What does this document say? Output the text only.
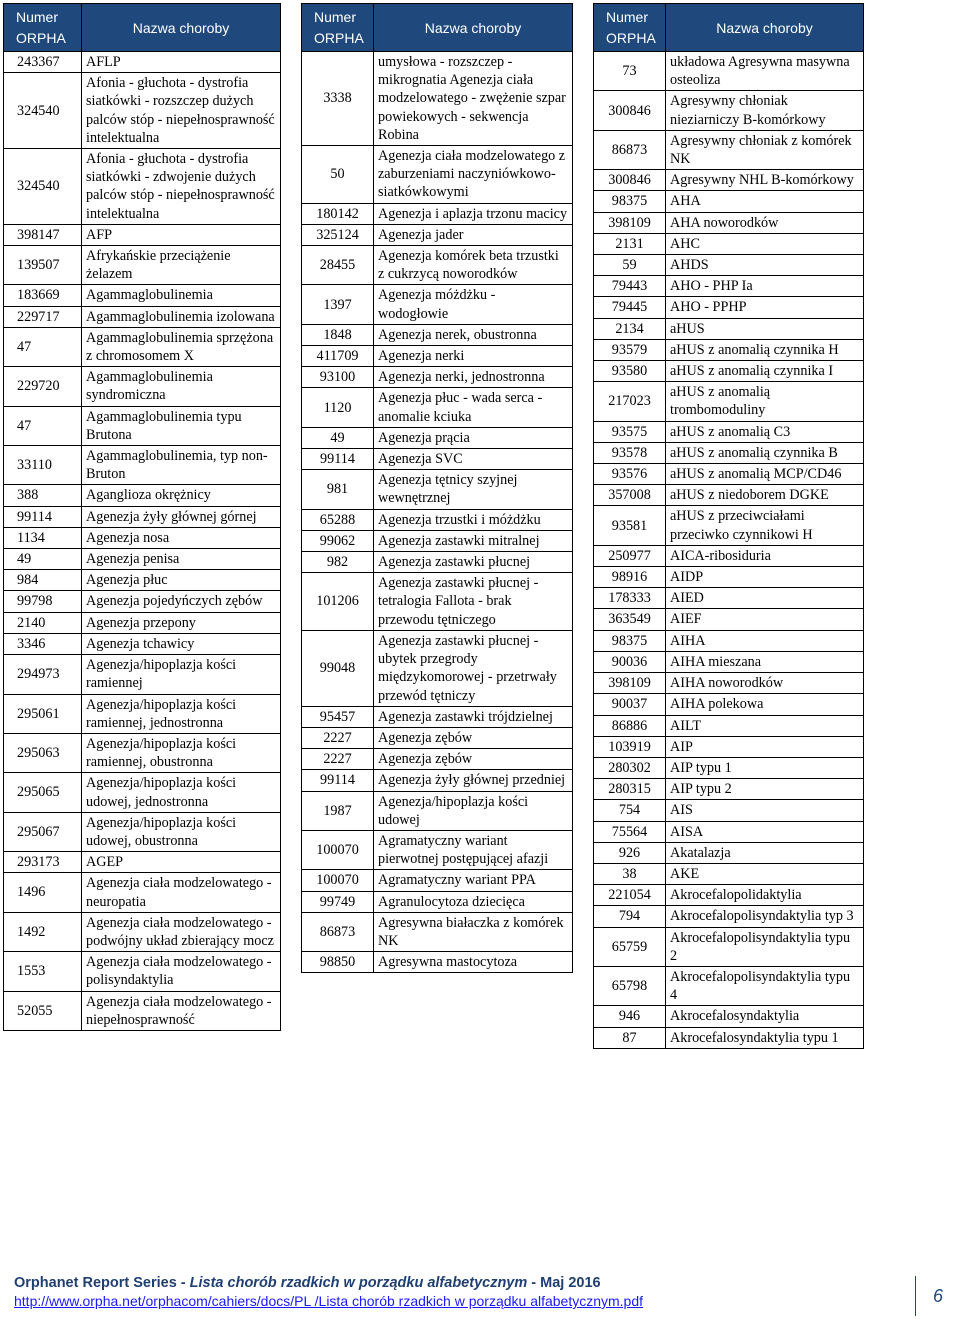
Numer ORPHA	Nazwa choroby
243367	AFLP
324540	Afonia - głuchota - dystrofia siatkówki - rozszczep dużych palców stóp - niepełnosprawność intelektualna
324540	Afonia - głuchota - dystrofia siatkówki - zdwojenie dużych palców stóp - niepełnosprawność intelektualna
398147	AFP
139507	Afrykańskie przeciążenie żelazem
183669	Agammaglobulinemia
229717	Agammaglobulinemia izolowana
47	Agammaglobulinemia sprzężona z chromosomem X
229720	Agammaglobulinemia syndromiczna
47	Agammaglobulinemia typu Brutona
33110	Agammaglobulinemia, typ non-Bruton
388	Aganglioza okrężnicy
99114	Agenezja żyły głównej górnej
1134	Agenezja nosa
49	Agenezja penisa
984	Agenezja płuc
99798	Agenezja pojedyńczych zębów
2140	Agenezja przepony
3346	Agenezja tchawicy
294973	Agenezja/hipoplazja kości ramiennej
295061	Agenezja/hipoplazja kości ramiennej, jednostronna
295063	Agenezja/hipoplazja kości ramiennej, obustronna
295065	Agenezja/hipoplazja kości udowej, jednostronna
295067	Agenezja/hipoplazja kości udowej, obustronna
293173	AGEP
1496	Agenezja ciała modzelowatego - neuropatia
1492	Agenezja ciała modzelowatego - podwójny układ zbierający mocz
1553	Agenezja ciała modzelowatego - polisyndaktylia
52055	Agenezja ciała modzelowatego - niepełnosprawność
Numer ORPHA	Nazwa choroby
3338	umysłowa - rozszczep - mikrognatia Agenezja ciała modzelowatego - zwężenie szpar powiekowych - sekwencja Robina
50	Agenezja ciała modzelowatego z zaburzeniami naczyniówkowo-siatkówkowymi
180142	Agenezja i aplazja trzonu macicy
325124	Agenezja jader
28455	Agenezja komórek beta trzustki z cukrzycą noworodków
1397	Agenezja móżdżku - wodogłowie
1848	Agenezja nerek, obustronna
411709	Agenezja nerki
93100	Agenezja nerki, jednostronna
1120	Agenezja płuc - wada serca - anomalie kciuka
49	Agenezja prącia
99114	Agenezja SVC
981	Agenezja tętnicy szyjnej wewnętrznej
65288	Agenezja trzustki i móżdżku
99062	Agenezja zastawki mitralnej
982	Agenezja zastawki płucnej
101206	Agenezja zastawki płucnej - tetralogia Fallota - brak przewodu tętniczego
99048	Agenezja zastawki płucnej - ubytek przegrody międzykomorowej - przetrwały przewód tętniczy
95457	Agenezja zastawki trójdzielnej
2227	Agenezja zębów
2227	Agenezja zębów
99114	Agenezja żyły głównej przedniej
1987	Agenezja/hipoplazja kości udowej
100070	Agramatyczny wariant pierwotnej postępującej afazji
100070	Agramatyczny wariant PPA
99749	Agranulocytoza dziecięca
86873	Agresywna białaczka z komórek NK
98850	Agresywna mastocytoza
Numer ORPHA	Nazwa choroby
73	układowa Agresywna masywna osteoliza
300846	Agresywny chłoniak nieziarniczy B-komórkowy
86873	Agresywny chłoniak z komórek NK
300846	Agresywny NHL B-komórkowy
98375	AHA
398109	AHA noworodków
2131	AHC
59	AHDS
79443	AHO - PHP Ia
79445	AHO - PPHP
2134	aHUS
93579	aHUS z anomalią czynnika H
93580	aHUS z anomalią czynnika I
217023	aHUS z anomalią trombomoduliny
93575	aHUS z anomalią C3
93578	aHUS z anomalią czynnika B
93576	aHUS z anomalią MCP/CD46
357008	aHUS z niedoborem DGKE
93581	aHUS z przeciwciałami przeciwko czynnikowi H
250977	AICA-ribosiduria
98916	AIDP
178333	AIED
363549	AIEF
98375	AIHA
90036	AIHA mieszana
398109	AIHA noworodków
90037	AIHA polekowa
86886	AILT
103919	AIP
280302	AIP typu 1
280315	AIP typu 2
754	AIS
75564	AISA
926	Akatalazja
38	AKE
221054	Akrocefalopolidaktylia
794	Akrocefalopolisyndaktylia typ 3
65759	Akrocefalopolisyndaktylia typu 2
65798	Akrocefalopolisyndaktylia typu 4
946	Akrocefalosyndaktylia
87	Akrocefalosyndaktylia typu 1
Orphanet Report Series - Lista chorób rzadkich w porządku alfabetycznym - Maj 2016
http://www.orpha.net/orphacom/cahiers/docs/PL /Lista chorób rzadkich w porządku alfabetycznym.pdf	6
